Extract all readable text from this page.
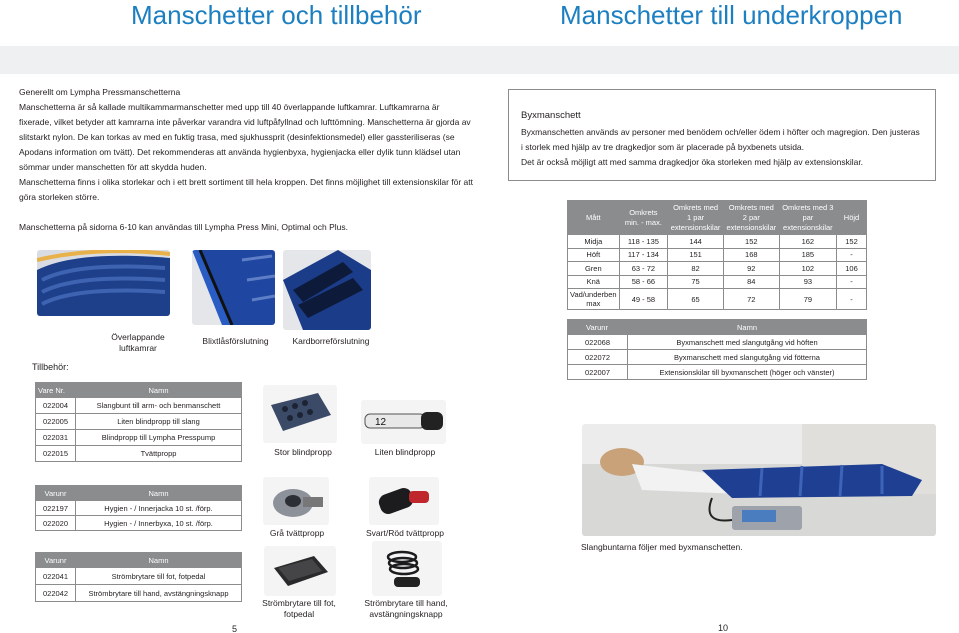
Manschetter och tillbehör	Manschetter till underkroppen

Generellt om Lympha Pressmanschetterna

Manschetterna är så kallade multikammarmanschetter med upp till 40 överlappande luftkamrar. Luftkamrarna är fixerade, vilket betyder att kamrarna inte påverkar varandra vid luftpåfyllnad och lufttömning. Manschetterna är gjorda av slitstarkt nylon. De kan torkas av med en fuktig trasa, med sjukhussprit (desinfektionsmedel) eller gassteriliseras (se Apodans information om tvätt). Det rekommenderas att använda hygienbyxa, hygienjacka eller dylik tunn klädsel utan sömmar under manschetten för att skydda huden.

Manschetterna finns i olika storlekar och i ett brett sortiment till hela kroppen. Det finns möjlighet till extensionskilar för att göra storleken större.

Manschetterna på sidorna 6-10 kan användas till Lympha Press Mini, Optimal och Plus.

Byxmanschett

Byxmanschetten används av personer med benödem och/eller ödem i höfter och magregion. Den justeras i storlek med hjälp av tre dragkedjor som är placerade på byxbenets utsida.

Det är också möjligt att med samma dragkedjor öka storleken med hjälp av extensionskilar.

Mått	Omkrets min. - max.	Omkrets med 1 par extensionskilar	Omkrets med 2 par extensionskilar	Omkrets med 3 par extensionskilar	Höjd
Midja	118 - 135	144	152	162	152
Höft	117 - 134	151	168	185	-
Gren	63 - 72	82	92	102	106
Knä	58 - 66	75	84	93	-
Vad/underben max	49 - 58	65	72	79	-
Överlappande luftkamrar
Blixtlåsförslutning	Kardborreförslutning
Tillbehör:
Vare Nr.	Namn
022004	Slangbunt till arm- och benmanschett
022005	Liten blindpropp till slang
022031	Blindpropp till Lympha Presspump
022015	Tvättpropp
12
Stor blindpropp	Liten blindpropp
Varunr	Namn
022197	Hygien - / Innerjacka 10 st. /förp.
022020	Hygien - / Innerbyxa, 10 st. /förp.
Grå tvättpropp	Svart/Röd tvättpropp
Varunr	Namn
022041	Strömbrytare till fot, fotpedal
022042	Strömbrytare till hand, avstängningsknapp
Strömbrytare till fot, fotpedal
Strömbrytare till hand, avstängningsknapp
Varunr	Namn
022068	Byxmanschett med slangutgång vid höften
022072	Byxmanschett med slangutgång vid fötterna
022007	Extensionskilar till byxmanschett (höger och vänster)
Slangbuntarna följer med byxmanschetten.
5	10
